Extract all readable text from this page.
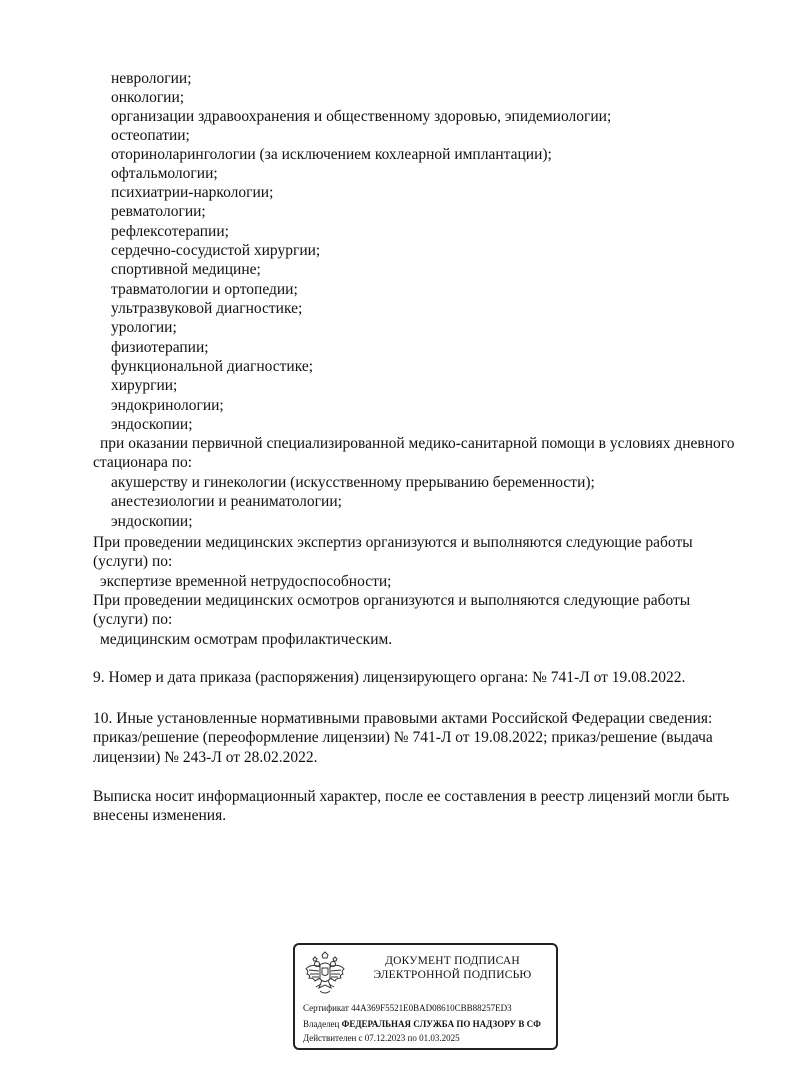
неврологии;
онкологии;
организации здравоохранения и общественному здоровью, эпидемиологии;
остеопатии;
оториноларингологии (за исключением кохлеарной имплантации);
офтальмологии;
психиатрии-наркологии;
ревматологии;
рефлексотерапии;
сердечно-сосудистой хирургии;
спортивной медицине;
травматологии и ортопедии;
ультразвуковой диагностике;
урологии;
физиотерапии;
функциональной диагностике;
хирургии;
эндокринологии;
эндоскопии;
при оказании первичной специализированной медико-санитарной помощи в условиях дневного
стационара по:
акушерству и гинекологии (искусственному прерыванию беременности);
анестезиологии и реаниматологии;
эндоскопии;
При проведении медицинских экспертиз организуются и выполняются следующие работы
(услуги) по:
экспертизе временной нетрудоспособности;
При проведении медицинских осмотров организуются и выполняются следующие работы
(услуги) по:
медицинским осмотрам профилактическим.
9. Номер и дата приказа (распоряжения) лицензирующего органа: № 741-Л от 19.08.2022.
10. Иные установленные нормативными правовыми актами Российской Федерации сведения:
приказ/решение (переоформление лицензии) № 741-Л от 19.08.2022; приказ/решение (выдача
лицензии) № 243-Л от 28.02.2022.
Выписка носит информационный характер, после ее составления в реестр лицензий могли быть
внесены изменения.
ДОКУМЕНТ ПОДПИСАН
ЭЛЕКТРОННОЙ ПОДПИСЬЮ
Сертификат 44A369F5521E0BAD08610CBB88257ED3
Владелец ФЕДЕРАЛЬНАЯ СЛУЖБА ПО НАДЗОРУ В СФ
Действителен с 07.12.2023 по 01.03.2025
